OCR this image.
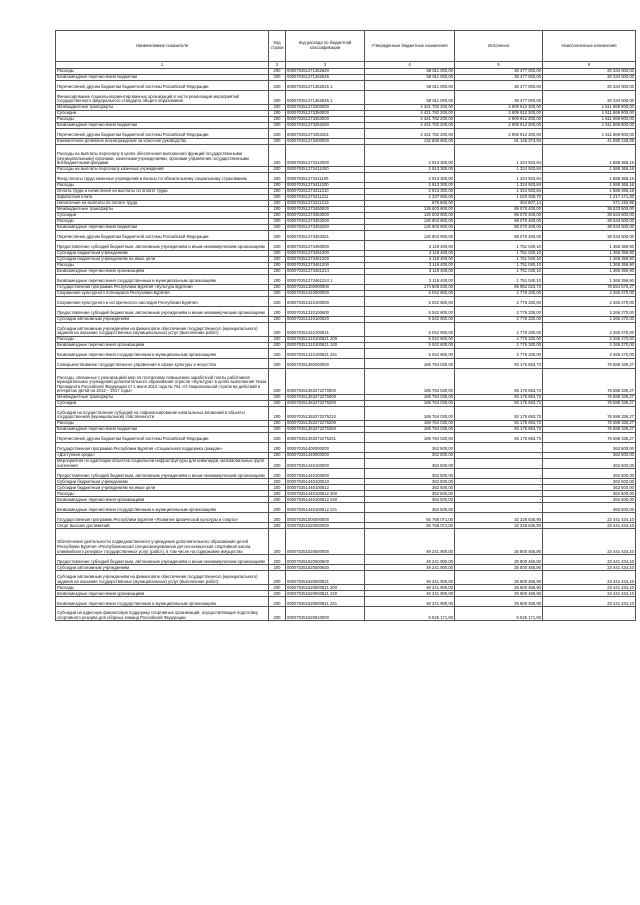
Наименование показателя	Код строки	Код расхода по бюджетной классификации	Утвержденные бюджетные назначения	Исполнено	Неисполненные назначения
1	2	3	4	5	6
Расходы	200	000070251271352620	58 811 000,00	38 477 000,00	20 334 000,00
Безвозмездные перечисления бюджетам	200	000070251271352625	58 811 000,00	38 477 000,00	20 334 000,00
Перечисления другим бюджетам бюджетной системы Российской Федерации	200	000070251271352625 1	58 811 000,00	38 477 000,00	20 334 000,00
Финансирование социальноориентированных организаций в части реализации мероприятий государственного федерального стандарта общего образования	200	000070251271352625 1	58 811 000,00	38 477 000,00	20 334 000,00
Межбюджетные трансферты	200	000070251273300000	4 421 782 200,00	2 909 912 300,00	1 511 869 900,00
Субсидии	200	000070251273350000	4 421 782 200,00	2 909 912 300,00	1 511 869 900,00
Расходы	200	000070251273353000	4 421 782 200,00	2 909 912 300,00	1 511 869 900,00
Безвозмездные перечисления бюджетам	200	000070251273353250	4 421 782 200,00	2 909 912 300,00	1 511 869 900,00
Перечисления другим бюджетам бюджетной системы Российской Федерации	200	000070251273353251	4 421 782 200,00	2 909 912 300,00	1 511 869 900,00
Ежемесячное денежное вознаграждение за классное руководство	200	000070251273400000	132 836 600,00	91 145 373,94	41 690 226,06
Расходы на выплаты персоналу в целях обеспечения выполнения функций государственными (муниципальными) органами, казенными учреждениями, органами управления государственными внебюджетными фондами	200	000070251273410000	2 913 300,00	1 324 933,84	1 588 366,16
Расходы на выплаты персоналу казенных учреждений	200	000070251273411000	2 913 300,00	1 324 933,84	1 588 366,16
Фонд оплаты труда казенных учреждений и взносы по обязательному социальному страхованию	200	000070251273411100	2 913 300,00	1 324 933,84	1 588 366,16
Расходы	200	000070251273411200	2 913 300,00	1 324 933,84	1 588 366,16
Оплата труда и начисления на выплаты по оплате труда	200	000070251273411210	2 913 300,00	1 324 933,84	1 588 366,16
Заработная плата	200	000070251273411211	2 237 500,00	1 020 328,70	1 217 171,30
Начисления на выплаты по оплате труда	200	000070251273411213	675 800,00	304 607,14	371 192,86
Межбюджетные трансферты	200	000070251273450000	126 603 600,00	88 070 400,00	38 533 500,00
Субсидии	200	000070251273453000	126 603 600,00	88 070 400,00	38 533 500,00
Расходы	200	000070251273453200	126 603 600,00	88 070 400,00	38 533 500,00
Безвозмездные перечисления бюджетам	200	000070251273453250	126 603 600,00	88 070 400,00	38 533 500,00
Перечисления другим бюджетам бюджетной системы Российской Федерации	200	000070251273453251	126 603 600,00	88 070 400,00	38 533 500,00
Предоставление субсидий бюджетным, автономным учреждениям и иным некоммерческим организациям	200	000070251273460000	3 119 400,00	1 751 040,10	1 368 359,90
Субсидии бюджетным учреждениям	200	000070251273461000	3 119 400,00	1 751 040,10	1 368 359,90
Субсидии бюджетным учреждениям на иные цели	200	000070251273461200	3 119 400,00	1 751 040,10	1 368 359,90
Расходы	200	000070251273461200	3 119 400,00	1 751 040,10	1 368 359,90
Безвозмездные перечисления организациям	200	000070251273461224	3 119 400,00	1 751 040,10	1 368 359,90
Безвозмездные перечисления государственным и муниципальным организациям	200	000070251273461224 1	3 119 400,00	1 751 040,10	1 368 359,90
Государственная программа Республики Бурятия «Культура Бурятии»	200	000070251300000000	174 606 630,00	95 952 023,73	78 654 576,27
Сохранение культурного потенциала Республики Бурятия	200	000070251310000000	5 042 600,00	2 776 330,00	2 266 270,00
Сохранение культурного и исторического наследия Республики Бурятия	200	000070251310100000	5 042 600,00	2 776 330,00	2 266 270,00
Предоставление субсидий бюджетным, автономным учреждениям и иным некоммерческим организациям	200	000070251310100600	5 042 600,00	2 776 330,00	2 266 270,00
Субсидии автономным учреждениям	200	000070251310100620	5 042 600,00	2 776 330,00	2 266 270,00
Субсидии автономным учреждениям на финансовое обеспечение государственного (муниципального) задания на оказание государственных (муниципальных) услуг (выполнение работ)	200	000070251310100621	5 042 600,00	2 776 330,00	2 266 270,00
Расходы	200	000070251310100621 200	5 042 600,00	2 776 330,00	2 266 270,00
Безвозмездные перечисления организациям	200	000070251310100621 240	5 042 600,00	2 776 330,00	2 266 270,00
Безвозмездные перечисления государственным и муниципальным организациям	200	000070251310100621 241	5 042 600,00	2 776 330,00	2 266 270,00
Совершенствование государственного управления в сфере культуры и искусства	200	000070251350000000	169 764 030,00	93 175 693,73	76 588 336,27
Расходы, связанные с реализацией мер по поэтапному повышению заработной платы работников муниципальных учреждений дополнительного образования отрасли «Культура» в целях выполнения Указа Президента Российской Федерации от 1 июня 2012 года № 761 «О Национальной стратегии действий в интересах детей на 2012 – 2017 годы»	200	000070251353272270000	169 764 030,00	93 175 693,73	76 588 336,27
Межбюджетные трансферты	200	000070251353272275000	169 764 030,00	93 175 693,73	76 588 336,27
Субсидии	200	000070251353272275200	169 764 030,00	93 175 693,73	76 588 336,27
Субсидии на осуществление субсидий на софинансирование капитальных вложений в объекты государственной (муниципальной) собственности	200	000070251353272275210	169 764 030,00	93 175 693,73	76 588 336,27
Расходы	200	000070251353272275200	169 764 030,00	93 175 693,73	76 588 336,27
Безвозмездные перечисления бюджетам	200	000070251353272275250	169 764 030,00	93 175 693,73	76 588 336,27
Перечисления другим бюджетам бюджетной системы Российской Федерации	200	000070251353272275251	169 764 030,00	93 175 693,73	76 588 336,27
Государственная программа Республики Бурятия «Социальная поддержка граждан»	200	000070251400000000	362 500,00	-	362 500,00
«Доступная среда»	200	000070251440000000	362 500,00	-	362 500,00
Мероприятия по адаптации объектов социальной инфраструктуры для инвалидов, маломобильных групп населения	200	000070251440100000	362 500,00	-	362 500,00
Предоставление субсидий бюджетным, автономным учреждениям и иным некоммерческим организациям	200	000070251440100600	362 500,00	-	362 500,00
Субсидии бюджетным учреждениям	200	000070251440100610	362 500,00	-	362 500,00
Субсидии бюджетным учреждениям на иные цели	200	000070251440100612	362 500,00	-	362 500,00
Расходы	200	000070251440100612 200	362 500,00	-	362 500,00
Безвозмездные перечисления организациям	200	000070251440100612 240	362 500,00	-	362 500,00
Безвозмездные перечисления государственным и муниципальным организациям	200	000070251440100612 241	362 500,00	-	362 500,00
Государственная программа Республики Бурятия «Развитие физической культуры и спорта»	200	000070251500000000	55 768 071,00	32 326 636,90	23 441 434,10
Спорт высших достижений	200	000070251520000000	55 768 071,00	32 326 636,90	23 441 434,10
Обеспечение деятельности подведомственного учреждения дополнительного образования детей Республики Бурятия «Республиканская специализированная детско-юношеская спортивная школа олимпийского резерва» государственных услуг (работ), в том числе на содержание имущества	200	000070251520500000	49 241 900,00	25 800 465,90	23 441 434,10
Предоставление субсидий бюджетным, автономным учреждениям и иным некоммерческим организациям	200	000070251520500600	49 241 900,00	25 800 465,90	23 441 434,10
Субсидии автономным учреждениям	200	000070251520500620	49 241 900,00	25 800 465,90	23 441 434,10
Субсидии автономным учреждениям на финансовое обеспечение государственного (муниципального) задания на оказание государственных (муниципальных) услуг (выполнение работ)	200	000070251520500621	49 241 900,00	25 800 465,90	23 441 434,10
Расходы	200	000070251520500621 200	49 241 900,00	25 800 465,90	23 441 434,10
Безвозмездные перечисления организациям	200	000070251520500621 240	49 241 900,00	25 800 465,90	23 441 434,10
Безвозмездные перечисления государственным и муниципальным организациям	200	000070251520500621 241	49 241 900,00	25 800 465,90	23 441 434,10
Субсидии на адресную финансовую поддержку спортивных организаций, осуществляющих подготовку спортивного резерва для сборных команд Российской Федерации	200	000070251520810000	6 526 171,00	6 526 171,00	-
